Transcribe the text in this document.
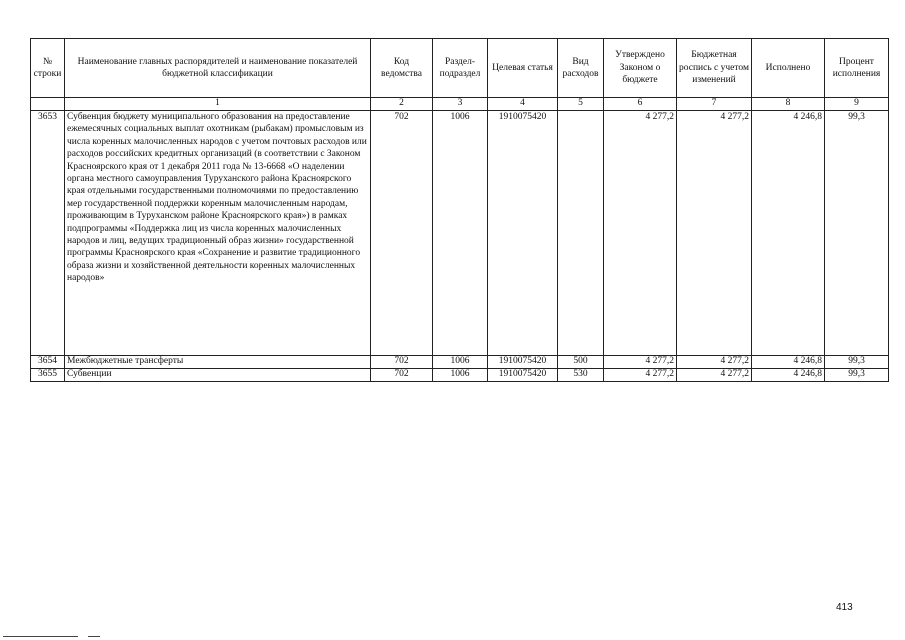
№ строки	Наименование главных распорядителей и наименование показателей бюджетной классификации	Код ведомства	Раздел-подраздел	Целевая статья	Вид расходов	Утверждено Законом о бюджете	Бюджетная роспись с учетом изменений	Исполнено	Процент исполнения
	1	2	3	4	5	6	7	8	9
3653	Субвенция бюджету муниципального образования на предоставление ежемесячных социальных выплат охотникам (рыбакам) промысловым из числа коренных малочисленных народов с учетом почтовых расходов или расходов российских кредитных организаций (в соответствии с Законом Красноярского края от 1 декабря 2011 года № 13-6668 «О наделении органа местного самоуправления Туруханского района Красноярского края отдельными государственными полномочиями по предоставлению мер государственной поддержки коренным малочисленным народам, проживающим в Туруханском районе Красноярского края») в рамках подпрограммы «Поддержка лиц из числа коренных малочисленных народов и лиц, ведущих традиционный образ жизни» государственной программы Красноярского края «Сохранение и развитие традиционного образа жизни и хозяйственной деятельности коренных малочисленных народов»	702	1006	1910075420		4 277,2	4 277,2	4 246,8	99,3
3654	Межбюджетные трансферты	702	1006	1910075420	500	4 277,2	4 277,2	4 246,8	99,3
3655	Субвенции	702	1006	1910075420	530	4 277,2	4 277,2	4 246,8	99,3
413
